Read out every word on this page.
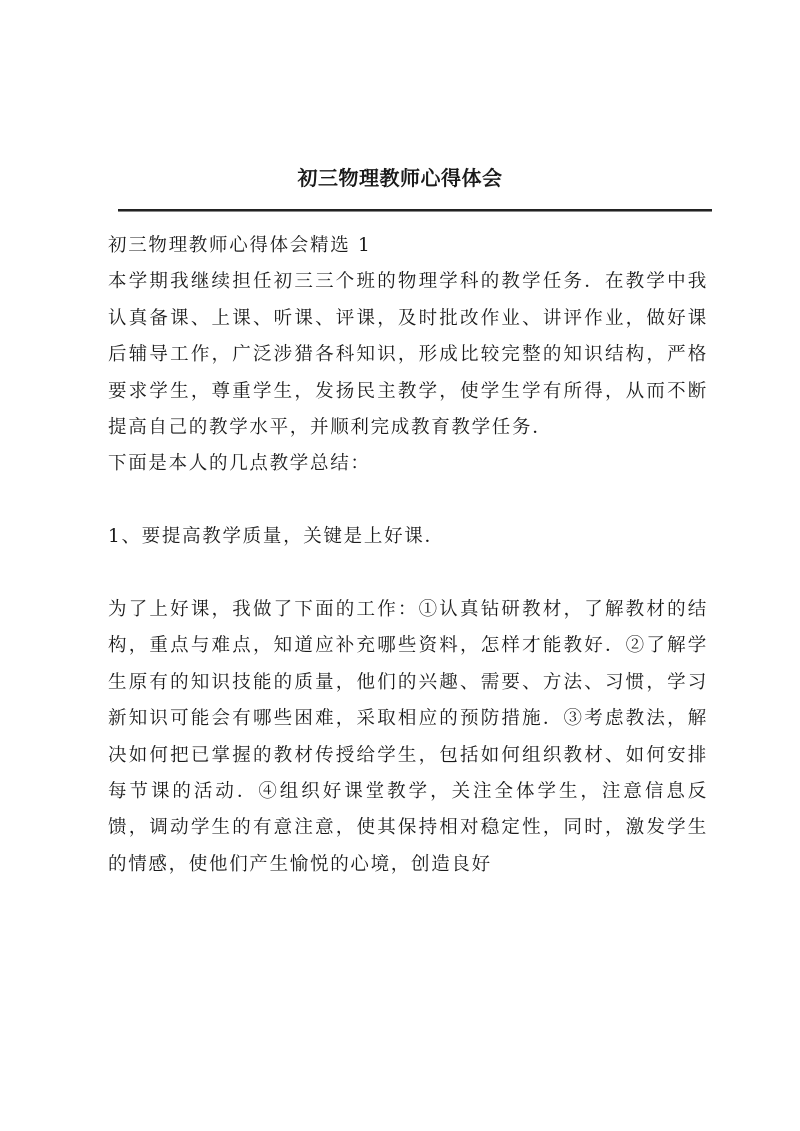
初三物理教师心得体会

初三物理教师心得体会精选 1

本学期我继续担任初三三个班的物理学科的教学任务．在教学中我认真备课、上课、听课、评课，及时批改作业、讲评作业，做好课后辅导工作，广泛涉猎各科知识，形成比较完整的知识结构，严格要求学生，尊重学生，发扬民主教学，使学生学有所得，从而不断提高自己的教学水平，并顺利完成教育教学任务．

下面是本人的几点教学总结：

1、要提高教学质量，关键是上好课．

为了上好课，我做了下面的工作：①认真钻研教材，了解教材的结构，重点与难点，知道应补充哪些资料，怎样才能教好．②了解学生原有的知识技能的质量，他们的兴趣、需要、方法、习惯，学习新知识可能会有哪些困难，采取相应的预防措施．③考虑教法，解决如何把已掌握的教材传授给学生，包括如何组织教材、如何安排每节课的活动．④组织好课堂教学，关注全体学生，注意信息反馈，调动学生的有意注意，使其保持相对稳定性，同时，激发学生的情感，使他们产生愉悦的心境，创造良好
